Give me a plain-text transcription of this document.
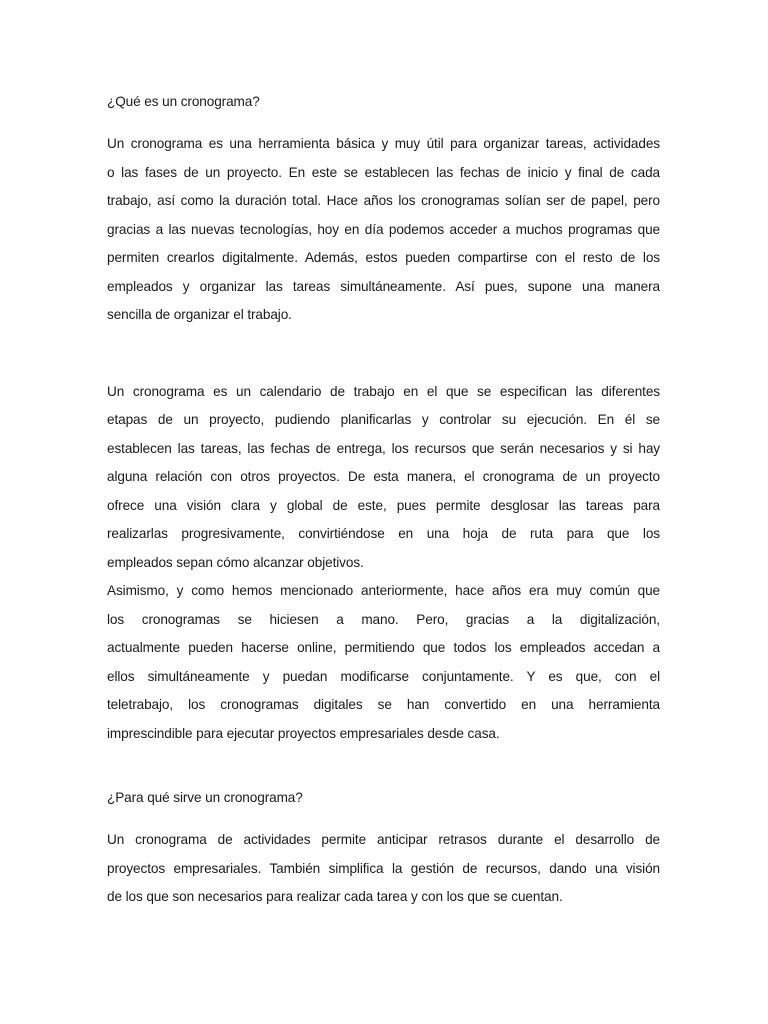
¿Qué es un cronograma?

Un cronograma es una herramienta básica y muy útil para organizar tareas, actividades
o las fases de un proyecto. En este se establecen las fechas de inicio y final de cada
trabajo, así como la duración total. Hace años los cronogramas solían ser de papel, pero
gracias a las nuevas tecnologías, hoy en día podemos acceder a muchos programas que
permiten crearlos digitalmente. Además, estos pueden compartirse con el resto de los
empleados y organizar las tareas simultáneamente. Así pues, supone una manera
sencilla de organizar el trabajo.
Un cronograma es un calendario de trabajo en el que se especifican las diferentes
etapas de un proyecto, pudiendo planificarlas y controlar su ejecución. En él se
establecen las tareas, las fechas de entrega, los recursos que serán necesarios y si hay
alguna relación con otros proyectos. De esta manera, el cronograma de un proyecto
ofrece una visión clara y global de este, pues permite desglosar las tareas para
realizarlas progresivamente, convirtiéndose en una hoja de ruta para que los
empleados sepan cómo alcanzar objetivos.
Asimismo, y como hemos mencionado anteriormente, hace años era muy común que
los cronogramas se hiciesen a mano. Pero, gracias a la digitalización,
actualmente pueden hacerse online, permitiendo que todos los empleados accedan a
ellos simultáneamente y puedan modificarse conjuntamente. Y es que, con el
teletrabajo, los cronogramas digitales se han convertido en una herramienta
imprescindible para ejecutar proyectos empresariales desde casa.

¿Para qué sirve un cronograma?

Un cronograma de actividades permite anticipar retrasos durante el desarrollo de
proyectos empresariales. También simplifica la gestión de recursos, dando una visión
de los que son necesarios para realizar cada tarea y con los que se cuentan.
